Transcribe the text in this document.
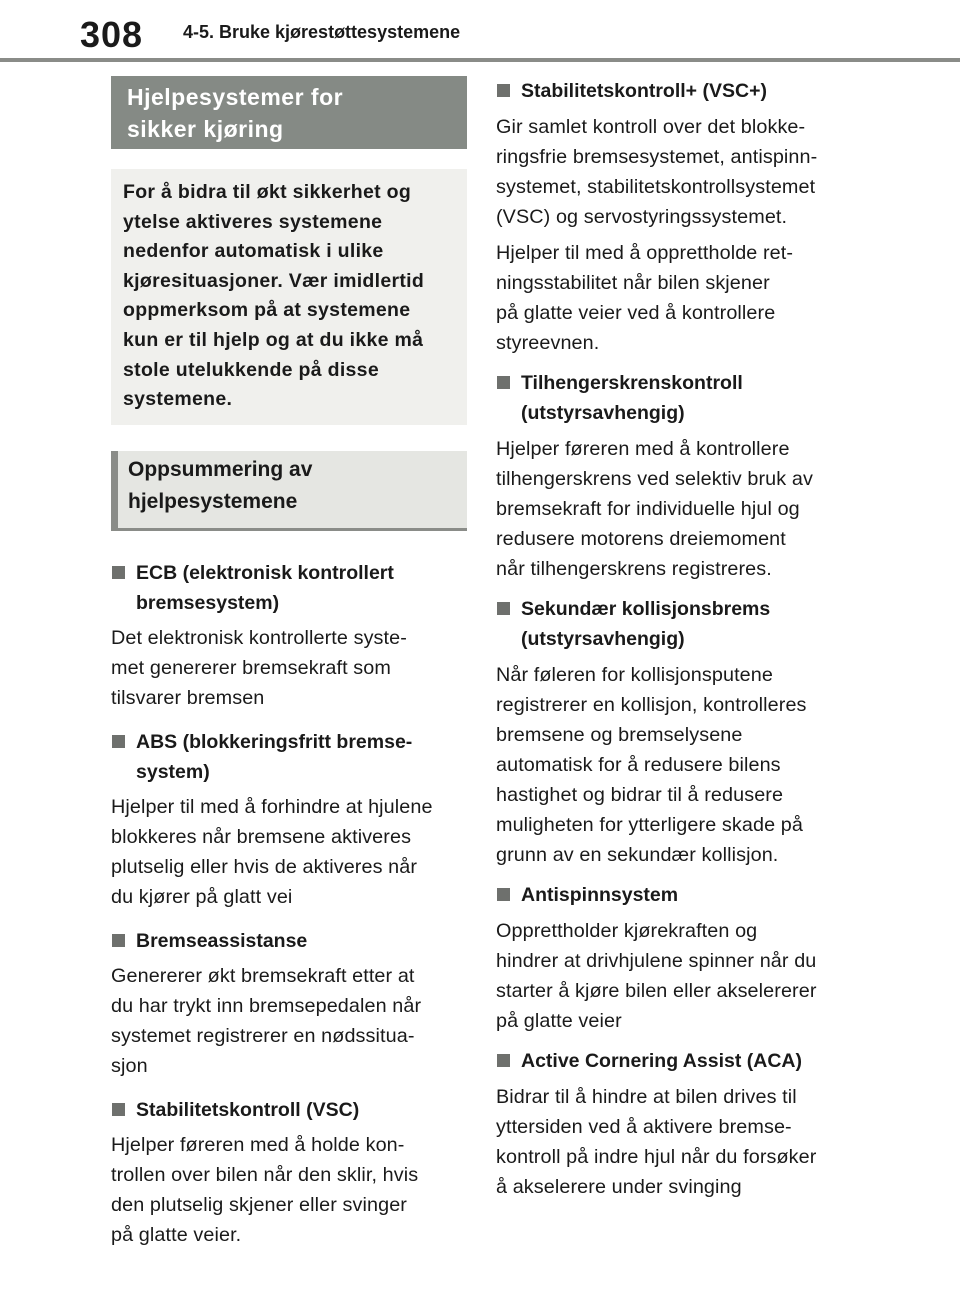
308 4-5. Bruke kjørestøttesystemene
Hjelpesystemer for
sikker kjøring
For å bidra til økt sikkerhet og
ytelse aktiveres systemene
nedenfor automatisk i ulike
kjøresituasjoner. Vær imidlertid
oppmerksom på at systemene
kun er til hjelp og at du ikke må
stole utelukkende på disse
systemene.
Oppsummering av
hjelpesystemene
ECB (elektronisk kontrollert
bremsesystem)

Det elektronisk kontrollerte syste-
met genererer bremsekraft som
tilsvarer bremsen

ABS (blokkeringsfritt bremse-
system)

Hjelper til med å forhindre at hjulene
blokkeres når bremsene aktiveres
plutselig eller hvis de aktiveres når
du kjører på glatt vei

Bremseassistanse

Genererer økt bremsekraft etter at
du har trykt inn bremsepedalen når
systemet registrerer en nødssitua-
sjon

Stabilitetskontroll (VSC)

Hjelper føreren med å holde kon-
trollen over bilen når den sklir, hvis
den plutselig skjener eller svinger
på glatte veier.

Stabilitetskontroll+ (VSC+)

Gir samlet kontroll over det blokke-
ringsfrie bremsesystemet, antispinn-
systemet, stabilitetskontrollsystemet
(VSC) og servostyringssystemet.

Hjelper til med å opprettholde ret-
ningsstabilitet når bilen skjener
på glatte veier ved å kontrollere
styreevnen.

Tilhengerskrenskontroll
(utstyrsavhengig)

Hjelper føreren med å kontrollere
tilhengerskrens ved selektiv bruk av
bremsekraft for individuelle hjul og
redusere motorens dreiemoment
når tilhengerskrens registreres.

Sekundær kollisjonsbrems
(utstyrsavhengig)

Når føleren for kollisjonsputene
registrerer en kollisjon, kontrolleres
bremsene og bremselysene
automatisk for å redusere bilens
hastighet og bidrar til å redusere
muligheten for ytterligere skade på
grunn av en sekundær kollisjon.

Antispinnsystem

Opprettholder kjørekraften og
hindrer at drivhjulene spinner når du
starter å kjøre bilen eller akselererer
på glatte veier

Active Cornering Assist (ACA)

Bidrar til å hindre at bilen drives til
yttersiden ved å aktivere bremse-
kontroll på indre hjul når du forsøker
å akselerere under svinging
